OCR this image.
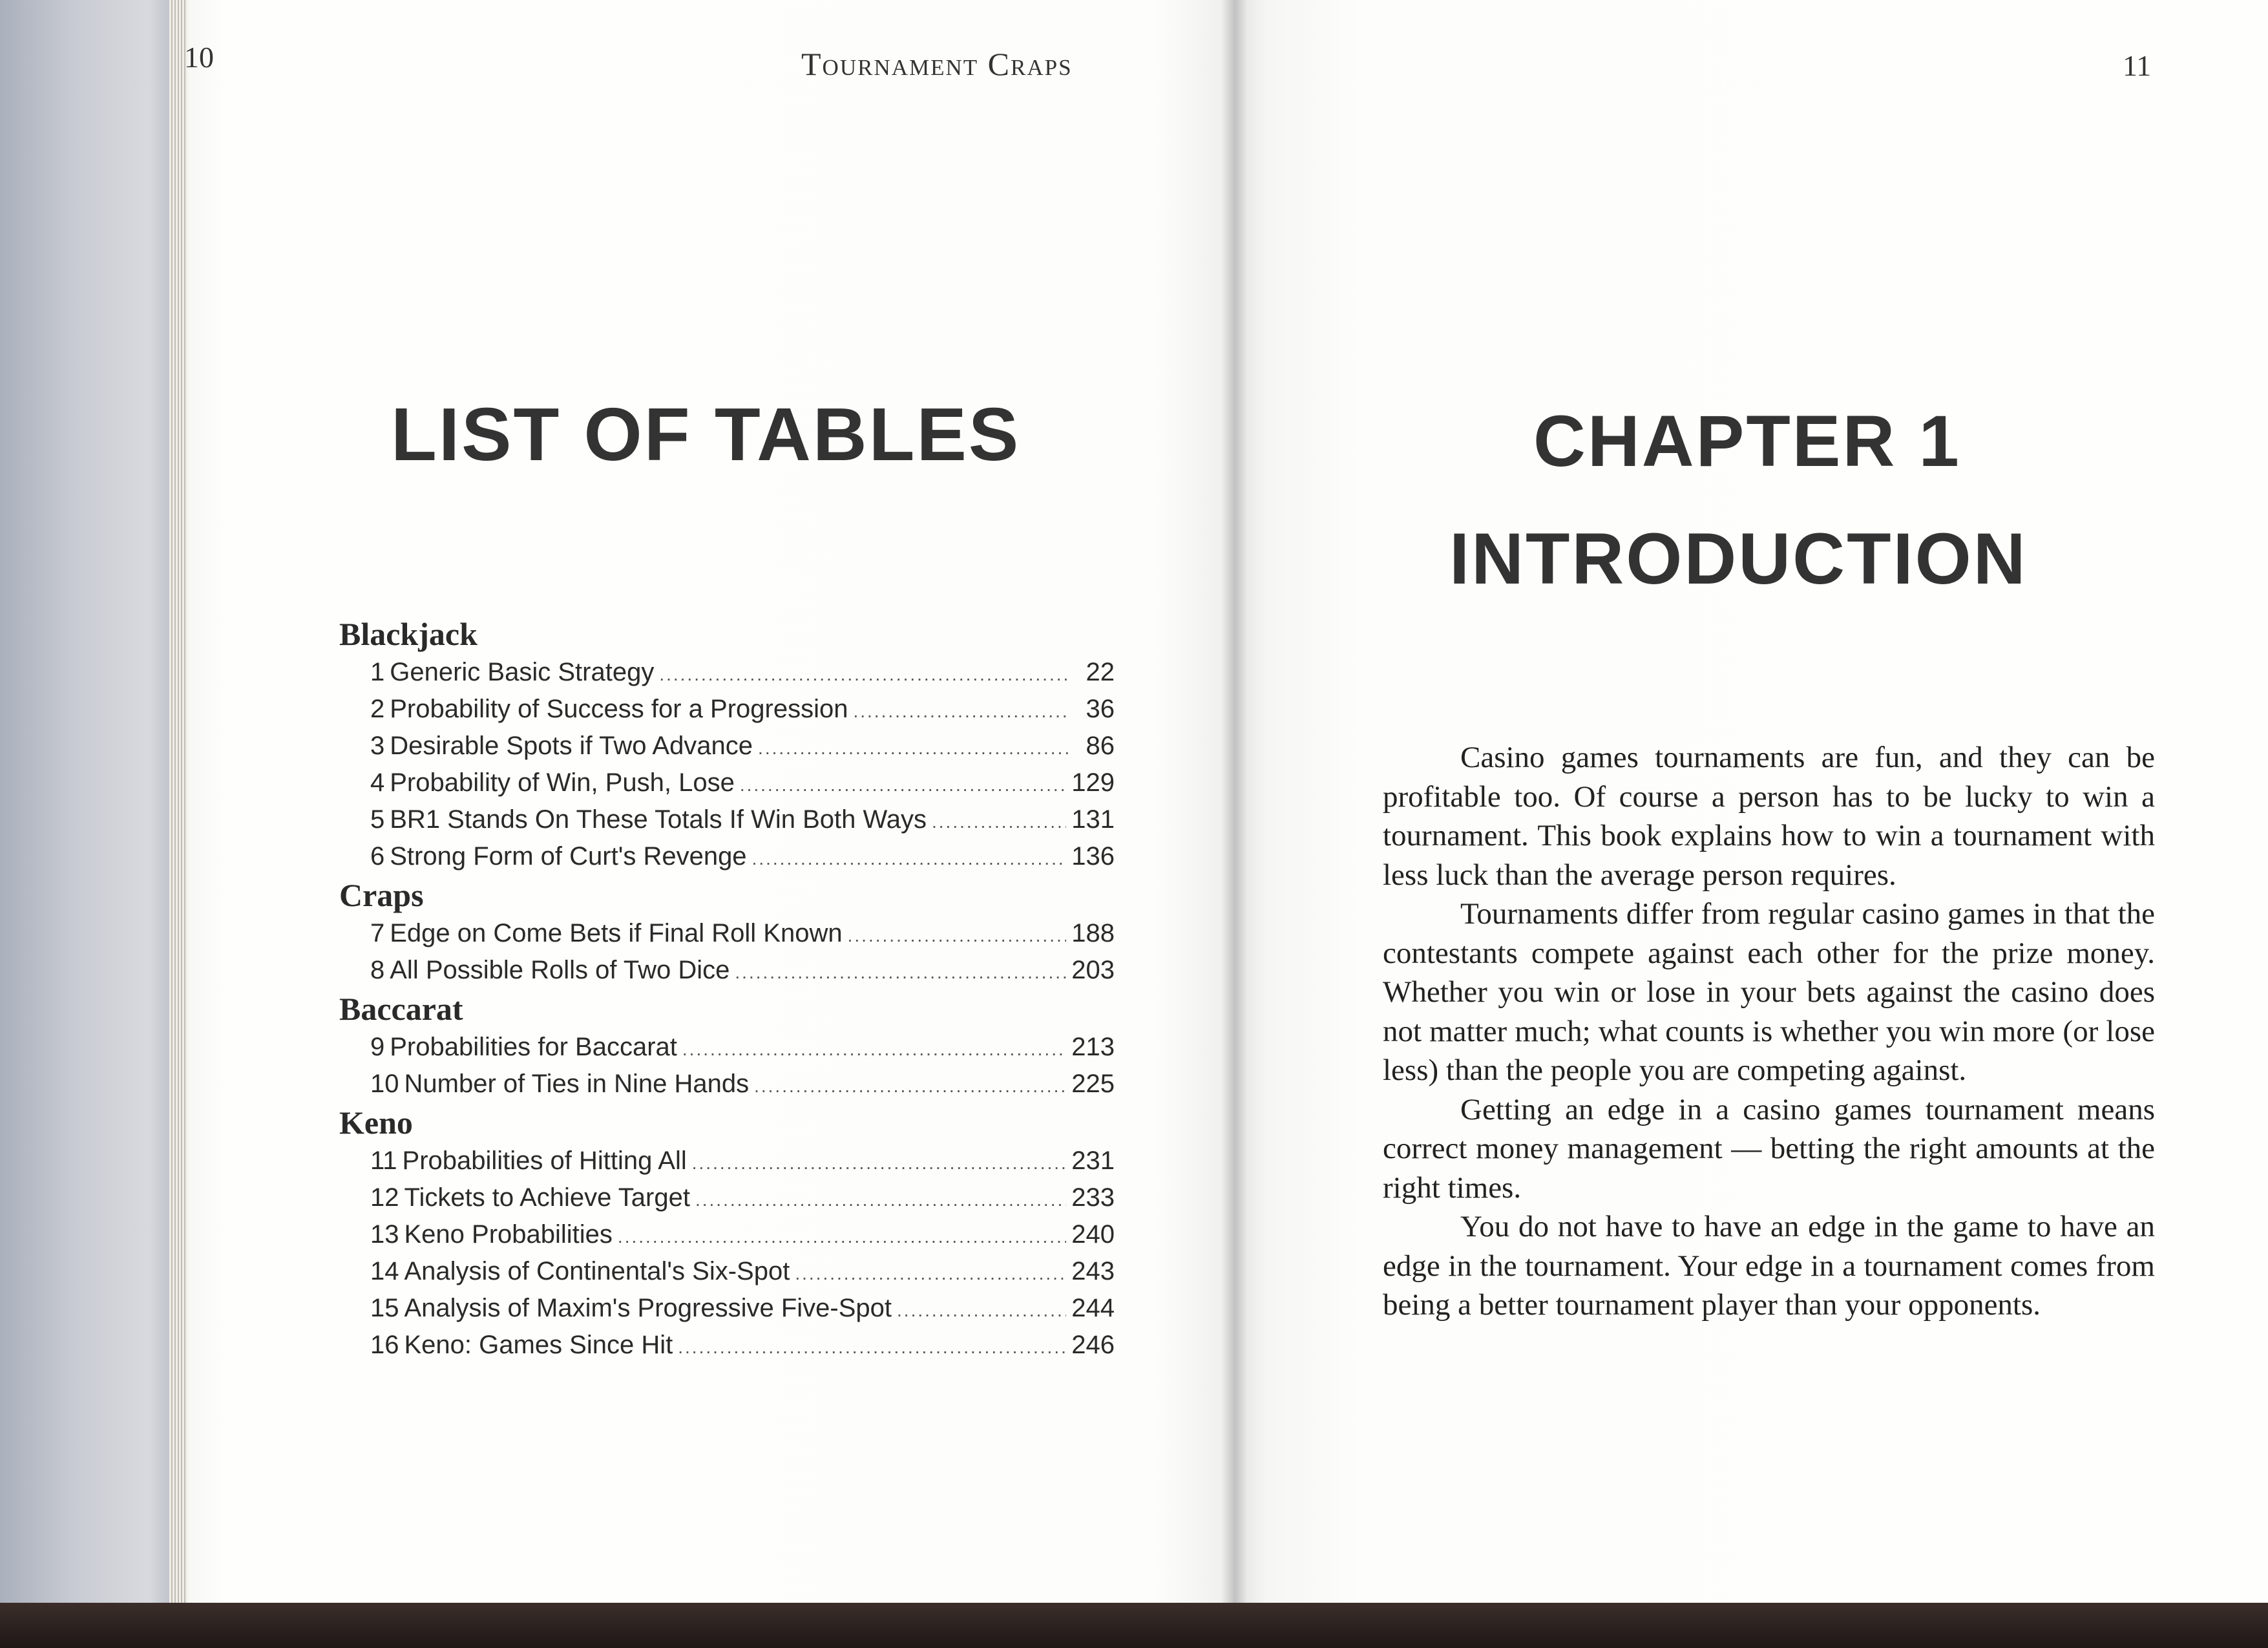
10	Tournament Craps
LIST OF TABLES
Blackjack
1 Generic Basic Strategy .....	22
2 Probability of Success for a Progression .....	36
3 Desirable Spots if Two Advance .....	86
4 Probability of Win, Push, Lose .....	129
5 BR1 Stands On These Totals If Win Both Ways .....	131
6 Strong Form of Curt's Revenge .....	136
Craps
7 Edge on Come Bets if Final Roll Known .....	188
8 All Possible Rolls of Two Dice .....	203
Baccarat
9 Probabilities for Baccarat .....	213
10 Number of Ties in Nine Hands .....	225
Keno
11 Probabilities of Hitting All .....	231
12 Tickets to Achieve Target .....	233
13 Keno Probabilities .....	240
14 Analysis of Continental's Six-Spot .....	243
15 Analysis of Maxim's Progressive Five-Spot .....	244
16 Keno: Games Since Hit .....	246
11
CHAPTER 1
INTRODUCTION

Casino games tournaments are fun, and they can be profitable too. Of course a person has to be lucky to win a tournament. This book explains how to win a tournament with less luck than the average person requires.

Tournaments differ from regular casino games in that the contestants compete against each other for the prize money. Whether you win or lose in your bets against the casino does not matter much; what counts is whether you win more (or lose less) than the people you are competing against.

Getting an edge in a casino games tournament means correct money management — betting the right amounts at the right times.

You do not have to have an edge in the game to have an edge in the tournament. Your edge in a tournament comes from being a better tournament player than your opponents.
